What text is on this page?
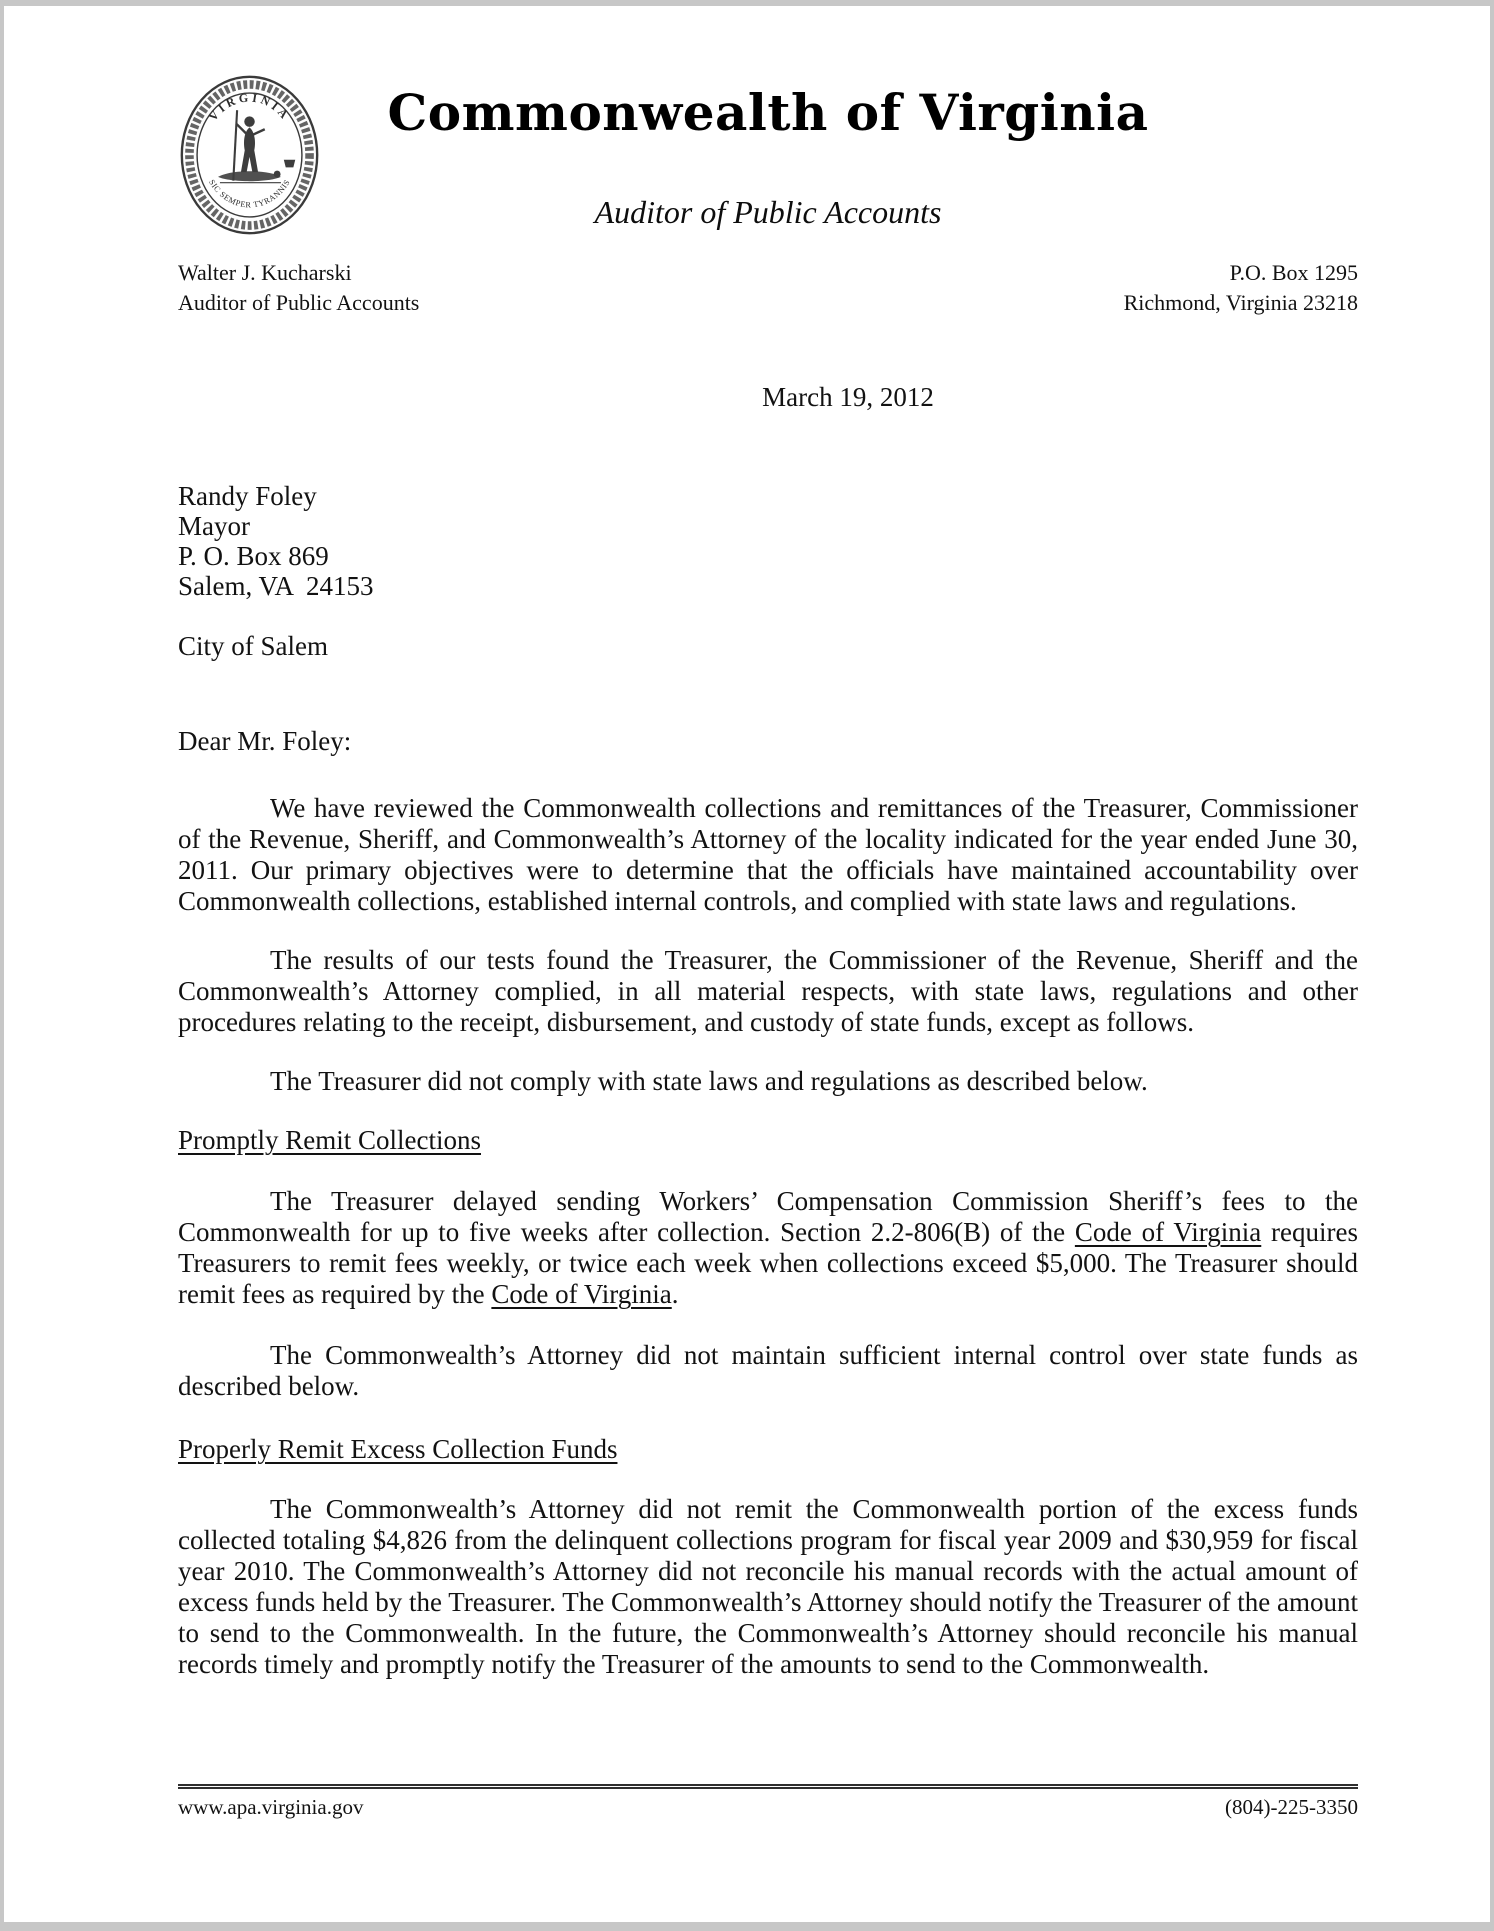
VIRGINIA
SIC SEMPER TYRANNIS
Commonwealth of Virginia
Auditor of Public Accounts
Walter J. Kucharski
Auditor of Public Accounts
P.O. Box 1295
Richmond, Virginia 23218
March 19, 2012
Randy Foley
Mayor
P. O. Box 869
Salem, VA  24153
City of Salem
Dear Mr. Foley:

We have reviewed the Commonwealth collections and remittances of the Treasurer, Commissioner of the Revenue, Sheriff, and Commonwealth’s Attorney of the locality indicated for the year ended June 30, 2011. Our primary objectives were to determine that the officials have maintained accountability over Commonwealth collections, established internal controls, and complied with state laws and regulations.

The results of our tests found the Treasurer, the Commissioner of the Revenue, Sheriff and the Commonwealth’s Attorney complied, in all material respects, with state laws, regulations and other procedures relating to the receipt, disbursement, and custody of state funds, except as follows.

The Treasurer did not comply with state laws and regulations as described below.

Promptly Remit Collections

The Treasurer delayed sending Workers’ Compensation Commission Sheriff’s fees to the Commonwealth for up to five weeks after collection. Section 2.2-806(B) of the Code of Virginia requires Treasurers to remit fees weekly, or twice each week when collections exceed $5,000. The Treasurer should remit fees as required by the Code of Virginia.

The Commonwealth’s Attorney did not maintain sufficient internal control over state funds as described below.

Properly Remit Excess Collection Funds

The Commonwealth’s Attorney did not remit the Commonwealth portion of the excess funds collected totaling $4,826 from the delinquent collections program for fiscal year 2009 and $30,959 for fiscal year 2010. The Commonwealth’s Attorney did not reconcile his manual records with the actual amount of excess funds held by the Treasurer. The Commonwealth’s Attorney should notify the Treasurer of the amount to send to the Commonwealth. In the future, the Commonwealth’s Attorney should reconcile his manual records timely and promptly notify the Treasurer of the amounts to send to the Commonwealth.

www.apa.virginia.gov	(804)-225-3350
